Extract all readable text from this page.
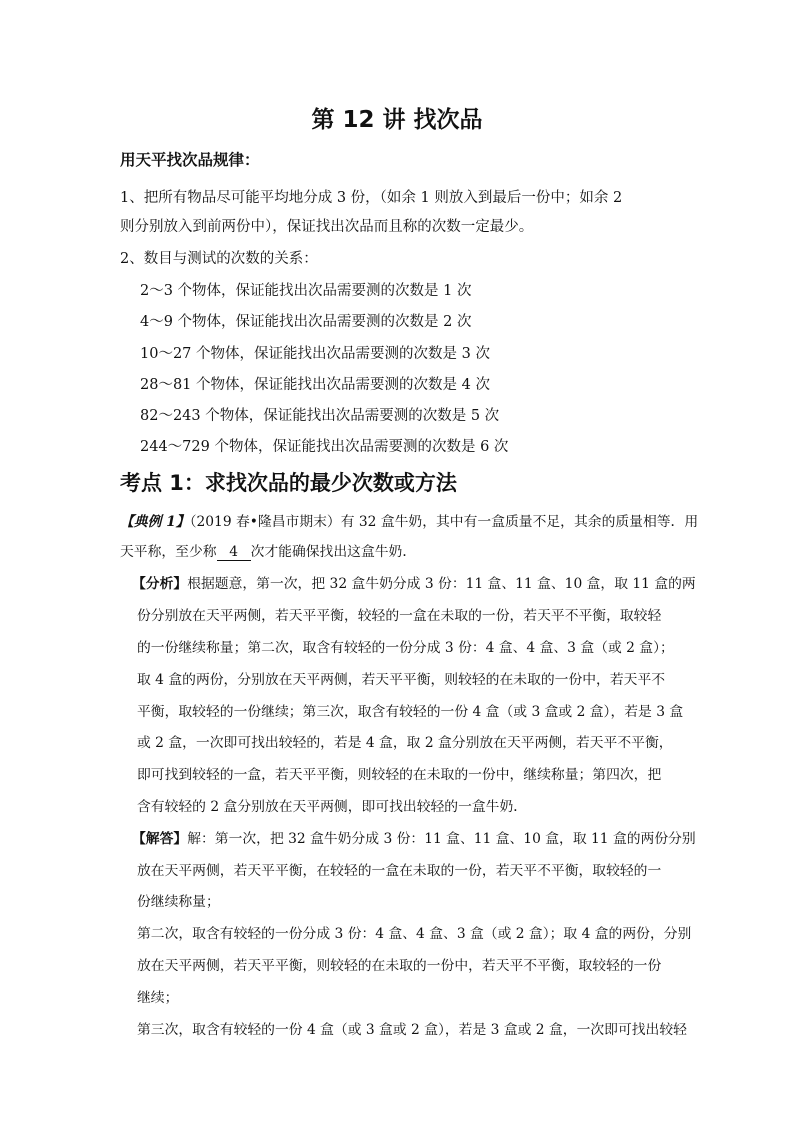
第 12 讲 找次品
用天平找次品规律：
1、把所有物品尽可能平均地分成 3 份，（如余 1 则放入到最后一份中；如余 2
则分别放入到前两份中），保证找出次品而且称的次数一定最少。
2、数目与测试的次数的关系：
2～3 个物体，保证能找出次品需要测的次数是 1 次
4～9 个物体，保证能找出次品需要测的次数是 2 次
10～27 个物体，保证能找出次品需要测的次数是 3 次
28～81 个物体，保证能找出次品需要测的次数是 4 次
82～243 个物体，保证能找出次品需要测的次数是 5 次
244～729 个物体，保证能找出次品需要测的次数是 6 次
考点 1：求找次品的最少次数或方法
【典例 1】（2019 春•隆昌市期末）有 32 盒牛奶，其中有一盒质量不足，其余的质量相等．用
天平称，至少称 4 次才能确保找出这盒牛奶．
【分析】根据题意，第一次，把 32 盒牛奶分成 3 份：11 盒、11 盒、10 盒，取 11 盒的两
份分别放在天平两侧，若天平平衡，较轻的一盒在未取的一份，若天平不平衡，取较轻
的一份继续称量；第二次，取含有较轻的一份分成 3 份：4 盒、4 盒、3 盒（或 2 盒）；
取 4 盒的两份，分别放在天平两侧，若天平平衡，则较轻的在未取的一份中，若天平不
平衡，取较轻的一份继续；第三次，取含有较轻的一份 4 盒（或 3 盒或 2 盒），若是 3 盒
或 2 盒，一次即可找出较轻的，若是 4 盒，取 2 盒分别放在天平两侧，若天平不平衡，
即可找到较轻的一盒，若天平平衡，则较轻的在未取的一份中，继续称量；第四次，把
含有较轻的 2 盒分别放在天平两侧，即可找出较轻的一盒牛奶．
【解答】解：第一次，把 32 盒牛奶分成 3 份：11 盒、11 盒、10 盒，取 11 盒的两份分别
放在天平两侧，若天平平衡，在较轻的一盒在未取的一份，若天平不平衡，取较轻的一
份继续称量；
第二次，取含有较轻的一份分成 3 份：4 盒、4 盒、3 盒（或 2 盒）；取 4 盒的两份，分别
放在天平两侧，若天平平衡，则较轻的在未取的一份中，若天平不平衡，取较轻的一份
继续；
第三次，取含有较轻的一份 4 盒（或 3 盒或 2 盒），若是 3 盒或 2 盒，一次即可找出较轻
